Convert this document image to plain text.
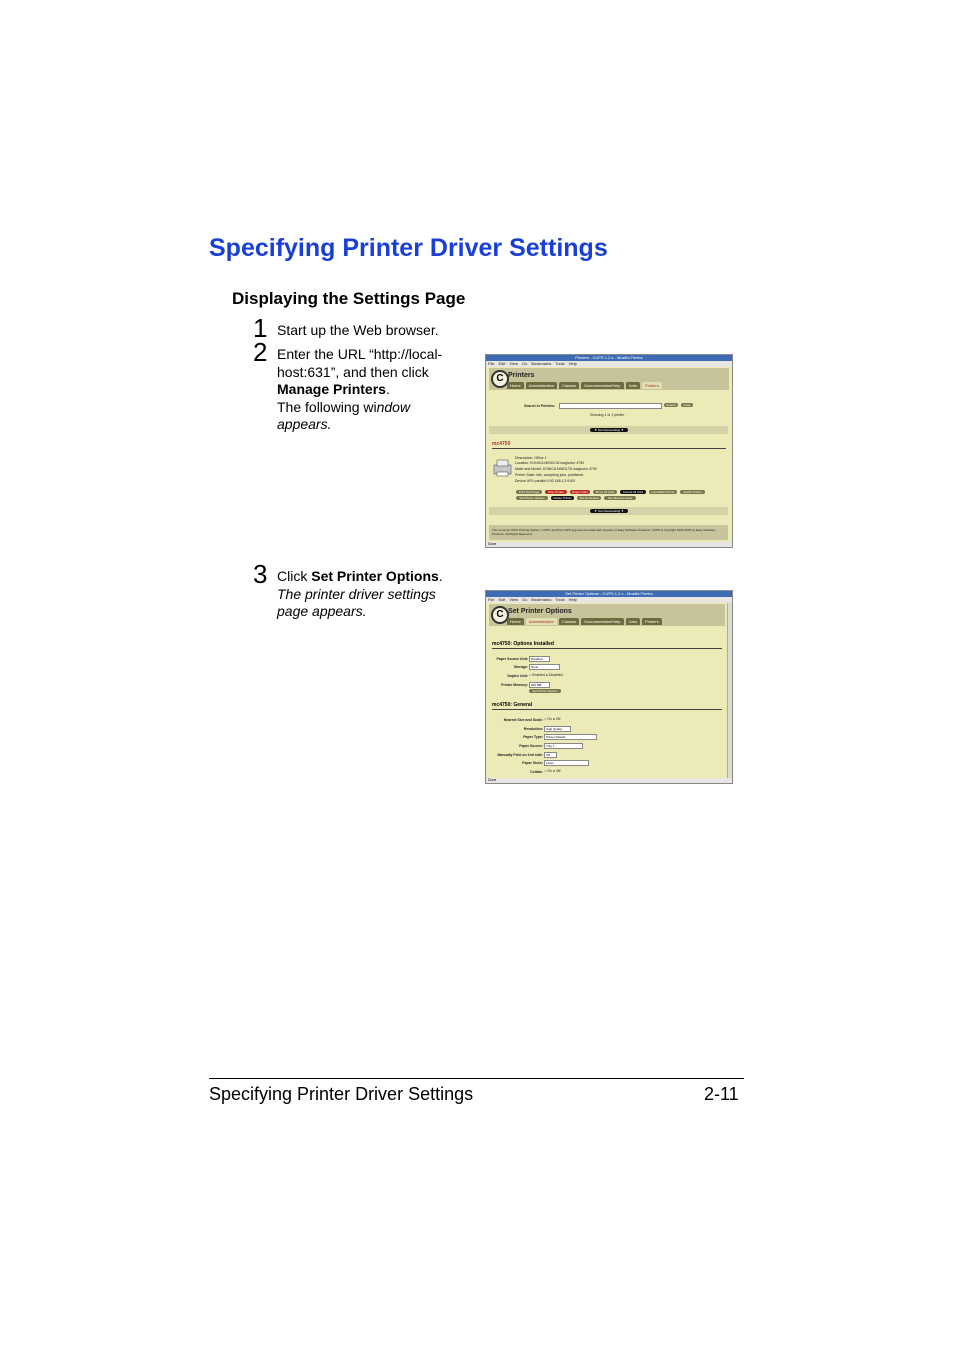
Specifying Printer Driver Settings
Displaying the Settings Page
1 Start up the Web browser.
2 Enter the URL “http://local-
host:631”, and then click
Manage Printers.
The following window
appears.
Printers - CUPS 1.2.x - Mozilla Firefox
File Edit View Go Bookmarks Tools Help
C Printers
Home	Administration	Classes	Documentation/Help	Jobs	Printers
Search in Printers:	Search	Clear
Showing 1 of 1 printer.
▼ Sort Descending ▼
mc4750
Description: Office 1
Location: KONICA MINOLTA magicolor 4750
Make and Model: KONICA MINOLTA magicolor 4750
Printer State: idle, accepting jobs, published.
Device URI: parallel:/192.168.1.2:9100
Print Test Page	Stop Printer	Reject Jobs	Move All Jobs	Cancel All Jobs	Unpublish Printer	Modify Printer
Set Printer Options	Delete Printer	Set As Default	Set Allowed Users
▼ Sort Descending ▼
The Common UNIX Printing System, CUPS, and the CUPS logo are the trademark property of Easy Software Products. CUPS is copyright 1997-2006 by Easy Software Products. All Rights Reserved.
Done
3 Click Set Printer Options.
The printer driver settings
page appears.
Set Printer Options - CUPS 1.2.x - Mozilla Firefox
File Edit View Go Bookmarks Tools Help
C Set Printer Options
Home	Administration	Classes	Documentation/Help	Jobs	Printers
mc4750: Options Installed
Paper Source Unit:	Disabled
Storage:	None
Duplex Unit: ○ Enabled ● Disabled
Printer Memory:	256 MB
Set Printer Options
mc4750: General
Nearest Size and Scale: ○ On ● Off
Resolution:	High Quality
Paper Type:	Printer Default
Paper Source:	Tray 1
Manually Print on 2nd side:	Off
Paper Sizes:	Letter
Collate: ○ On ● Off
Done
Specifying Printer Driver Settings	2-11
